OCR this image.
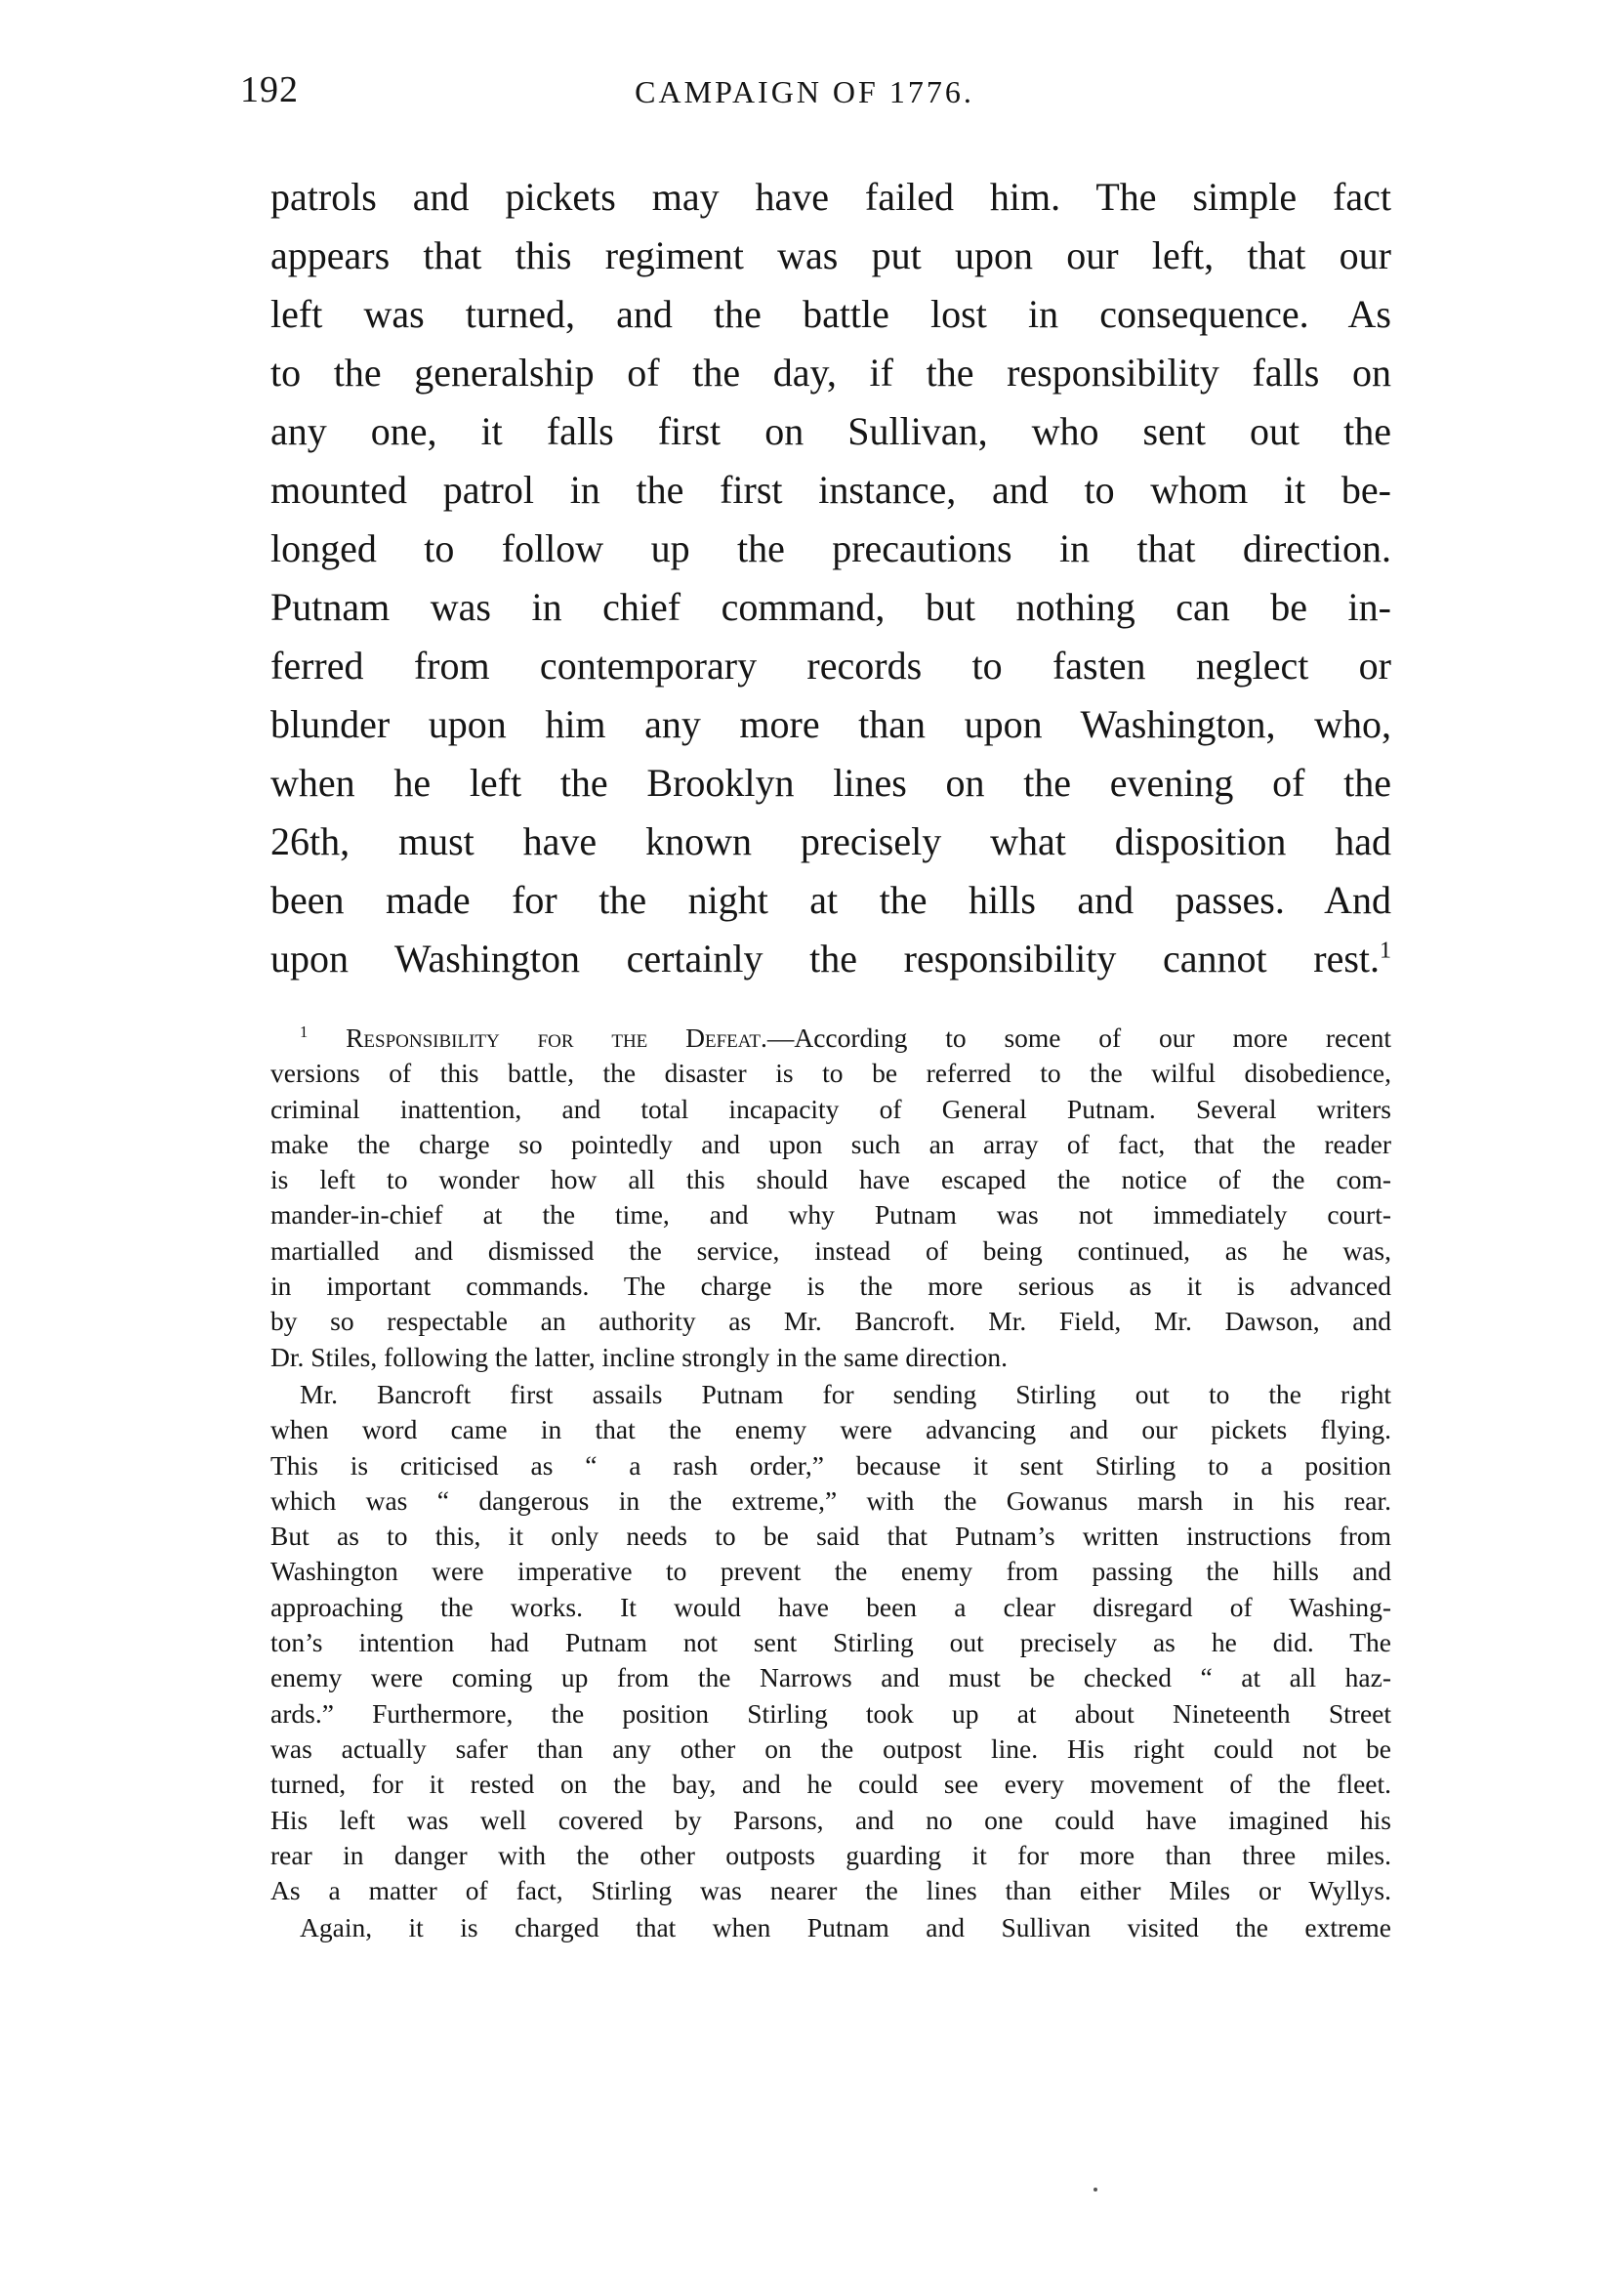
192	CAMPAIGN OF 1776.
patrols and pickets may have failed him. The simple fact
appears that this regiment was put upon our left, that our
left was turned, and the battle lost in consequence. As
to the generalship of the day, if the responsibility falls on
any one, it falls first on Sullivan, who sent out the
mounted patrol in the first instance, and to whom it be-
longed to follow up the precautions in that direction.
Putnam was in chief command, but nothing can be in-
ferred from contemporary records to fasten neglect or
blunder upon him any more than upon Washington, who,
when he left the Brooklyn lines on the evening of the
26th, must have known precisely what disposition had
been made for the night at the hills and passes. And
upon Washington certainly the responsibility cannot rest.$^1$
$^1$ Responsibility for the Defeat.—According to some of our more recent
versions of this battle, the disaster is to be referred to the wilful disobedience,
criminal inattention, and total incapacity of General Putnam. Several writers
make the charge so pointedly and upon such an array of fact, that the reader
is left to wonder how all this should have escaped the notice of the com-
mander-in-chief at the time, and why Putnam was not immediately court-
martialled and dismissed the service, instead of being continued, as he was,
in important commands. The charge is the more serious as it is advanced
by so respectable an authority as Mr. Bancroft. Mr. Field, Mr. Dawson, and
Dr. Stiles, following the latter, incline strongly in the same direction.
Mr. Bancroft first assails Putnam for sending Stirling out to the right
when word came in that the enemy were advancing and our pickets flying.
This is criticised as “ a rash order,” because it sent Stirling to a position
which was “ dangerous in the extreme,” with the Gowanus marsh in his rear.
But as to this, it only needs to be said that Putnam’s written instructions from
Washington were imperative to prevent the enemy from passing the hills and
approaching the works. It would have been a clear disregard of Washing-
ton’s intention had Putnam not sent Stirling out precisely as he did. The
enemy were coming up from the Narrows and must be checked “ at all haz-
ards.” Furthermore, the position Stirling took up at about Nineteenth Street
was actually safer than any other on the outpost line. His right could not be
turned, for it rested on the bay, and he could see every movement of the fleet.
His left was well covered by Parsons, and no one could have imagined his
rear in danger with the other outposts guarding it for more than three miles.
As a matter of fact, Stirling was nearer the lines than either Miles or Wyllys.
Again, it is charged that when Putnam and Sullivan visited the extreme
